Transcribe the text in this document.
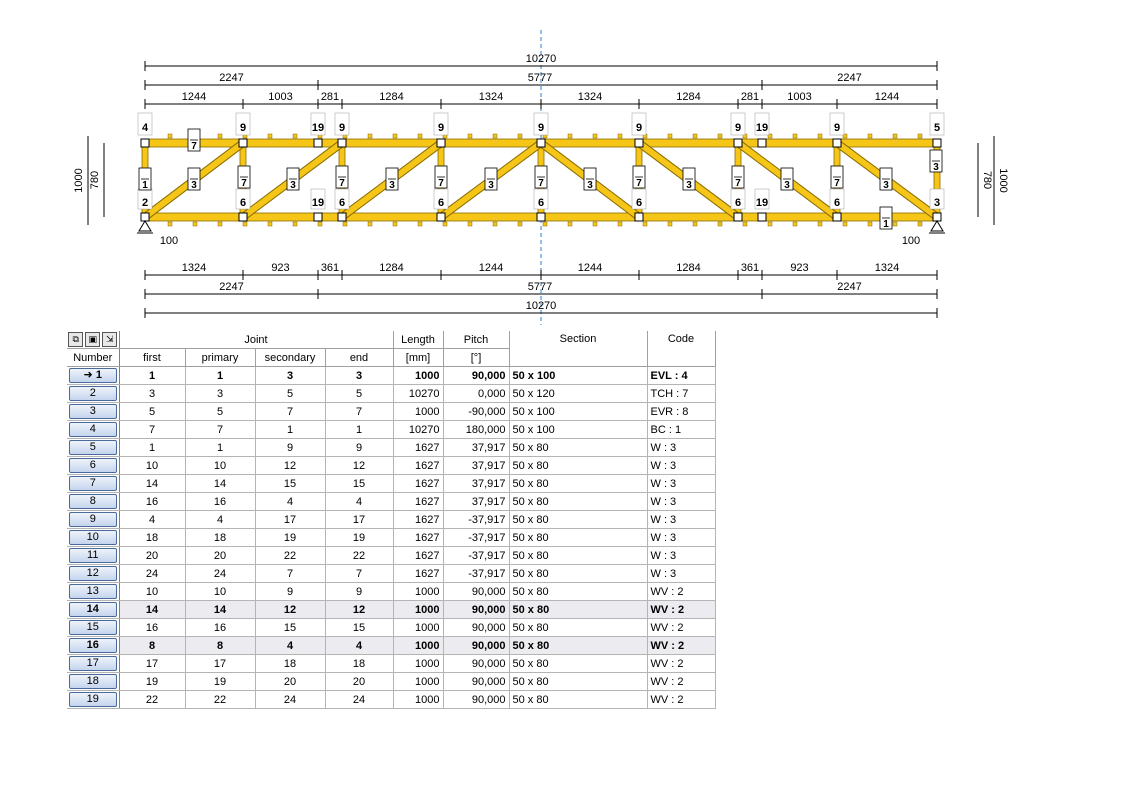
10270
2247	5777	2247
1244	1003	281	1284	1324	1324	1284	281	1003	1244
1324	923	361	1284	1244	1244	1284	361	923	1324
2247	5777	2247
10270
1000 780	1000
780
100	100
4	9	19 9	9	9	9	9 19	9	5
2	6	19 6	6	6	6	6 19	6	3
7
3	7	3	7	3	7	3	7	3	7	3	7	3	7	3
3
1
1
⧉ ▣ ⇲	Joint				Length	Pitch	Section	Code
Number	first	primary	secondary	end	[mm]	[°]		

➜ 1	1	1	3	3	1000	90,000	50 x 100	EVL : 4

2	3	3	5	5	10270	0,000	50 x 120	TCH : 7

3	5	5	7	7	1000	-90,000	50 x 100	EVR : 8

4	7	7	1	1	10270	180,000	50 x 100	BC : 1

5	1	1	9	9	1627	37,917	50 x 80	W : 3

6	10	10	12	12	1627	37,917	50 x 80	W : 3

7	14	14	15	15	1627	37,917	50 x 80	W : 3

8	16	16	4	4	1627	37,917	50 x 80	W : 3

9	4	4	17	17	1627	-37,917	50 x 80	W : 3

10	18	18	19	19	1627	-37,917	50 x 80	W : 3

11	20	20	22	22	1627	-37,917	50 x 80	W : 3

12	24	24	7	7	1627	-37,917	50 x 80	W : 3

13	10	10	9	9	1000	90,000	50 x 80	WV : 2

14	14	14	12	12	1000	90,000	50 x 80	WV : 2

15	16	16	15	15	1000	90,000	50 x 80	WV : 2

16	8	8	4	4	1000	90,000	50 x 80	WV : 2

17	17	17	18	18	1000	90,000	50 x 80	WV : 2

18	19	19	20	20	1000	90,000	50 x 80	WV : 2

19	22	22	24	24	1000	90,000	50 x 80	WV : 2
